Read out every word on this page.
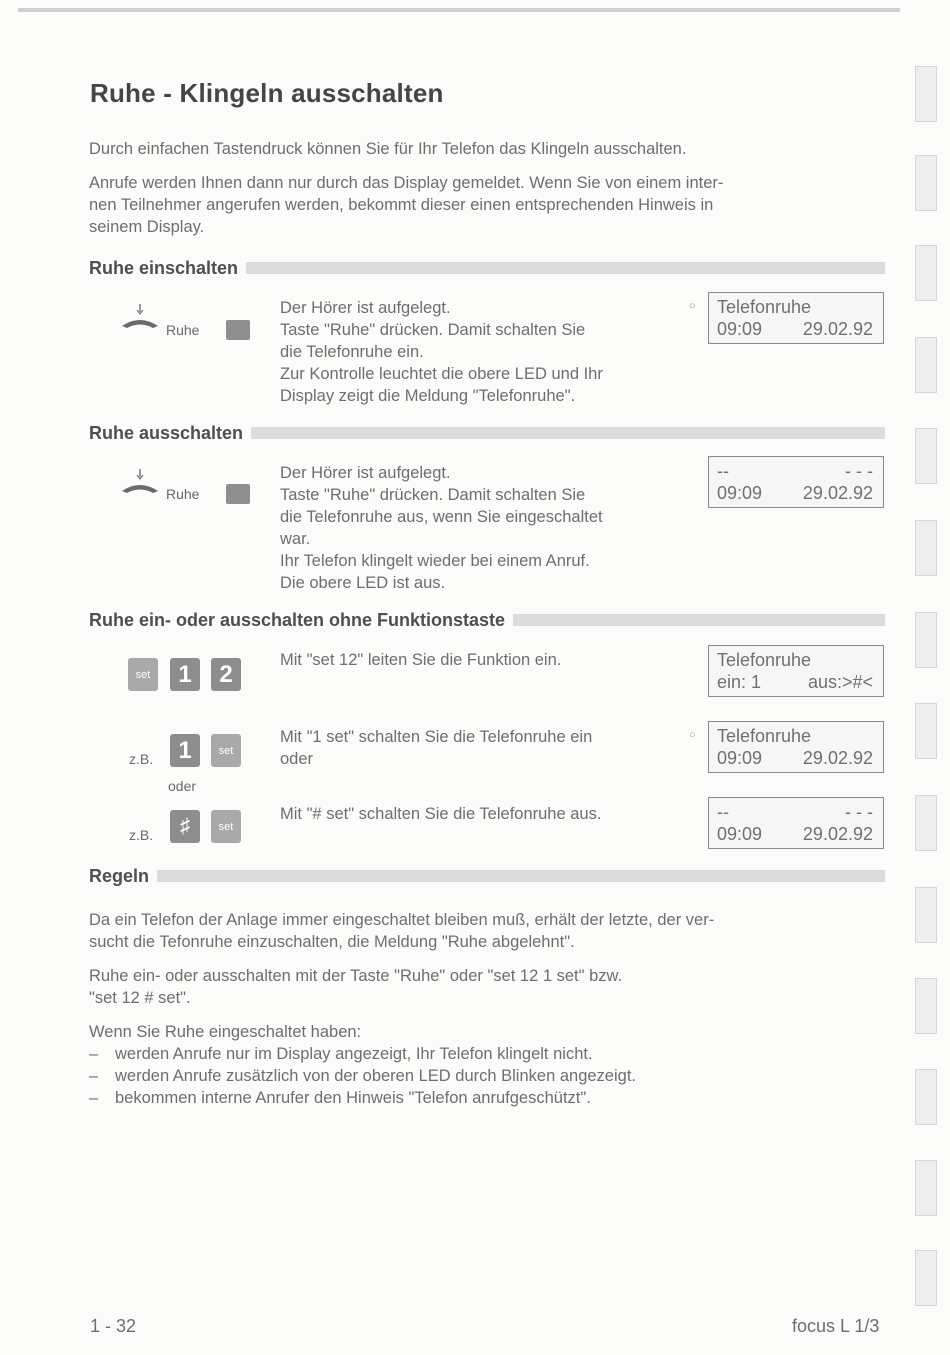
Ruhe - Klingeln ausschalten
Durch einfachen Tastendruck können Sie für Ihr Telefon das Klingeln ausschalten.
Anrufe werden Ihnen dann nur durch das Display gemeldet. Wenn Sie von einem inter-
nen Teilnehmer angerufen werden, bekommt dieser einen entsprechenden Hinweis in
seinem Display.
Ruhe einschalten
Ruhe
Der Hörer ist aufgelegt.
Taste "Ruhe" drücken. Damit schalten Sie
die Telefonruhe ein.
Zur Kontrolle leuchtet die obere LED und Ihr
Display zeigt die Meldung "Telefonruhe".
○ Telefonruhe
09:09 29.02.92
Ruhe ausschalten
Ruhe
Der Hörer ist aufgelegt.
Taste "Ruhe" drücken. Damit schalten Sie
die Telefonruhe aus, wenn Sie eingeschaltet
war.
Ihr Telefon klingelt wieder bei einem Anruf.
Die obere LED ist aus.
--	- - -
09:09 29.02.92
Ruhe ein- oder ausschalten ohne Funktionstaste
set	1	2
Mit "set 12" leiten Sie die Funktion ein.	Telefonruhe
ein: 1	aus:>#<
z.B.	1	set
oder
Mit "1 set" schalten Sie die Telefonruhe ein
oder
○ Telefonruhe
09:09 29.02.92
z.B.	♯	set
Mit "# set" schalten Sie die Telefonruhe aus.	--	- - -
09:09 29.02.92
Regeln
Da ein Telefon der Anlage immer eingeschaltet bleiben muß, erhält der letzte, der ver-
sucht die Tefonruhe einzuschalten, die Meldung "Ruhe abgelehnt".
Ruhe ein- oder ausschalten mit der Taste "Ruhe" oder "set 12 1 set" bzw.
"set 12 # set".
Wenn Sie Ruhe eingeschaltet haben:
–	werden Anrufe nur im Display angezeigt, Ihr Telefon klingelt nicht.
–	werden Anrufe zusätzlich von der oberen LED durch Blinken angezeigt.
–	bekommen interne Anrufer den Hinweis "Telefon anrufgeschützt".
1 - 32	focus L 1/3
